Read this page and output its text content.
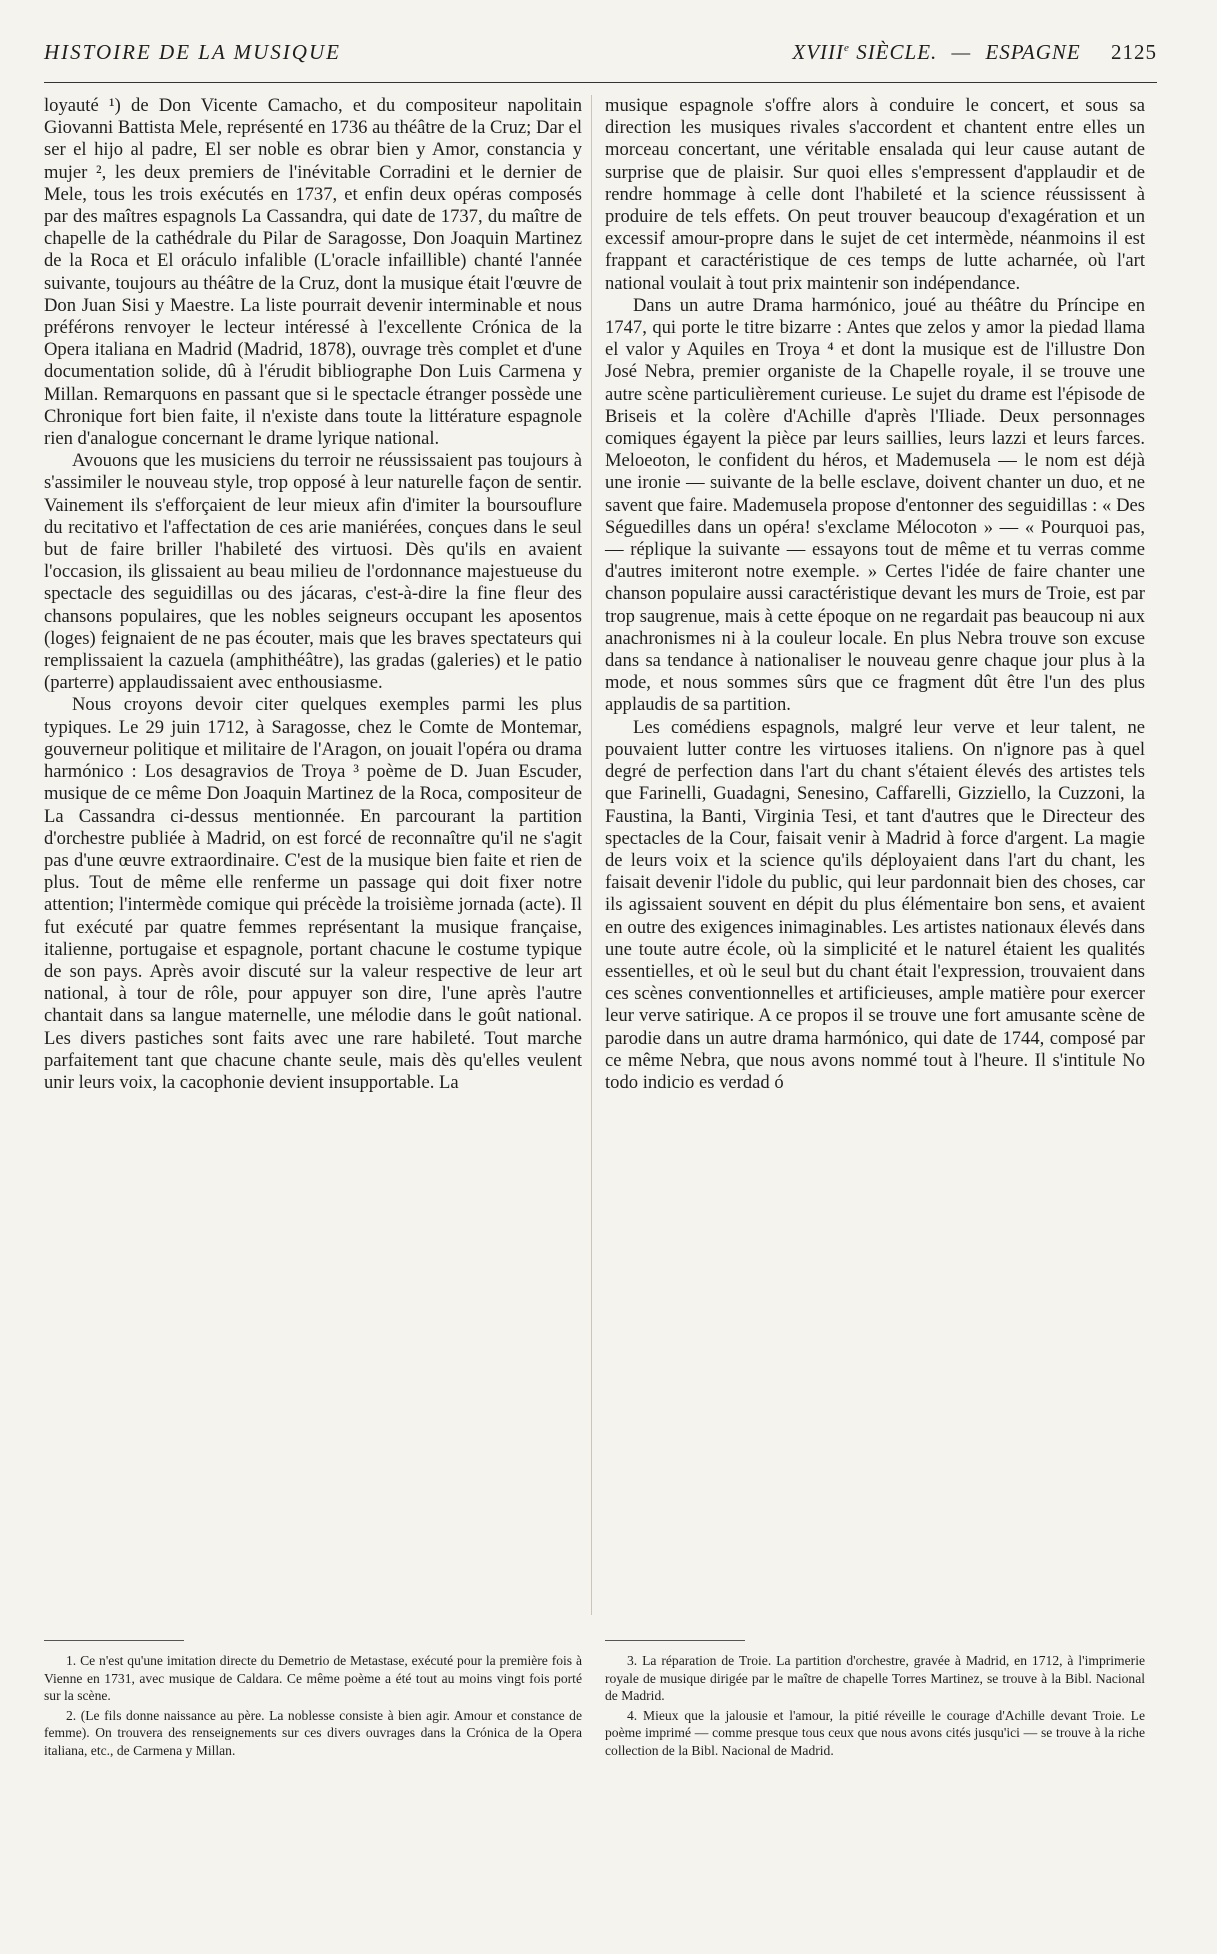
HISTOIRE DE LA MUSIQUE	XVIIIe SIÈCLE. — ESPAGNE 2125

loyauté ¹) de Don Vicente Camacho, et du compositeur napolitain Giovanni Battista Mele, représenté en 1736 au théâtre de la Cruz; Dar el ser el hijo al padre, El ser noble es obrar bien y Amor, constancia y mujer ², les deux premiers de l'inévitable Corradini et le dernier de Mele, tous les trois exécutés en 1737, et enfin deux opéras composés par des maîtres espagnols La Cassandra, qui date de 1737, du maître de chapelle de la cathédrale du Pilar de Saragosse, Don Joaquin Martinez de la Roca et El oráculo infalible (L'oracle infaillible) chanté l'année suivante, toujours au théâtre de la Cruz, dont la musique était l'œuvre de Don Juan Sisi y Maestre. La liste pourrait devenir interminable et nous préférons renvoyer le lecteur intéressé à l'excellente Crónica de la Opera italiana en Madrid (Madrid, 1878), ouvrage très complet et d'une documentation solide, dû à l'érudit bibliographe Don Luis Carmena y Millan. Remarquons en passant que si le spectacle étranger possède une Chronique fort bien faite, il n'existe dans toute la littérature espagnole rien d'analogue concernant le drame lyrique national.

Avouons que les musiciens du terroir ne réussissaient pas toujours à s'assimiler le nouveau style, trop opposé à leur naturelle façon de sentir. Vainement ils s'efforçaient de leur mieux afin d'imiter la boursouflure du recitativo et l'affectation de ces arie maniérées, conçues dans le seul but de faire briller l'habileté des virtuosi. Dès qu'ils en avaient l'occasion, ils glissaient au beau milieu de l'ordonnance majestueuse du spectacle des seguidillas ou des jácaras, c'est-à-dire la fine fleur des chansons populaires, que les nobles seigneurs occupant les aposentos (loges) feignaient de ne pas écouter, mais que les braves spectateurs qui remplissaient la cazuela (amphithéâtre), las gradas (galeries) et le patio (parterre) applaudissaient avec enthousiasme.

Nous croyons devoir citer quelques exemples parmi les plus typiques. Le 29 juin 1712, à Saragosse, chez le Comte de Montemar, gouverneur politique et militaire de l'Aragon, on jouait l'opéra ou drama harmónico : Los desagravios de Troya ³ poème de D. Juan Escuder, musique de ce même Don Joaquin Martinez de la Roca, compositeur de La Cassandra ci-dessus mentionnée. En parcourant la partition d'orchestre publiée à Madrid, on est forcé de reconnaître qu'il ne s'agit pas d'une œuvre extraordinaire. C'est de la musique bien faite et rien de plus. Tout de même elle renferme un passage qui doit fixer notre attention; l'intermède comique qui précède la troisième jornada (acte). Il fut exécuté par quatre femmes représentant la musique française, italienne, portugaise et espagnole, portant chacune le costume typique de son pays. Après avoir discuté sur la valeur respective de leur art national, à tour de rôle, pour appuyer son dire, l'une après l'autre chantait dans sa langue maternelle, une mélodie dans le goût national. Les divers pastiches sont faits avec une rare habileté. Tout marche parfaitement tant que chacune chante seule, mais dès qu'elles veulent unir leurs voix, la cacophonie devient insupportable. La

musique espagnole s'offre alors à conduire le concert, et sous sa direction les musiques rivales s'accordent et chantent entre elles un morceau concertant, une véritable ensalada qui leur cause autant de surprise que de plaisir. Sur quoi elles s'empressent d'applaudir et de rendre hommage à celle dont l'habileté et la science réussissent à produire de tels effets. On peut trouver beaucoup d'exagération et un excessif amour-propre dans le sujet de cet intermède, néanmoins il est frappant et caractéristique de ces temps de lutte acharnée, où l'art national voulait à tout prix maintenir son indépendance.

Dans un autre Drama harmónico, joué au théâtre du Príncipe en 1747, qui porte le titre bizarre : Antes que zelos y amor la piedad llama el valor y Aquiles en Troya ⁴ et dont la musique est de l'illustre Don José Nebra, premier organiste de la Chapelle royale, il se trouve une autre scène particulièrement curieuse. Le sujet du drame est l'épisode de Briseis et la colère d'Achille d'après l'Iliade. Deux personnages comiques égayent la pièce par leurs saillies, leurs lazzi et leurs farces. Meloeoton, le confident du héros, et Mademusela — le nom est déjà une ironie — suivante de la belle esclave, doivent chanter un duo, et ne savent que faire. Mademusela propose d'entonner des seguidillas : « Des Séguedilles dans un opéra! s'exclame Mélocoton » — « Pourquoi pas, — réplique la suivante — essayons tout de même et tu verras comme d'autres imiteront notre exemple. » Certes l'idée de faire chanter une chanson populaire aussi caractéristique devant les murs de Troie, est par trop saugrenue, mais à cette époque on ne regardait pas beaucoup ni aux anachronismes ni à la couleur locale. En plus Nebra trouve son excuse dans sa tendance à nationaliser le nouveau genre chaque jour plus à la mode, et nous sommes sûrs que ce fragment dût être l'un des plus applaudis de sa partition.

Les comédiens espagnols, malgré leur verve et leur talent, ne pouvaient lutter contre les virtuoses italiens. On n'ignore pas à quel degré de perfection dans l'art du chant s'étaient élevés des artistes tels que Farinelli, Guadagni, Senesino, Caffarelli, Gizziello, la Cuzzoni, la Faustina, la Banti, Virginia Tesi, et tant d'autres que le Directeur des spectacles de la Cour, faisait venir à Madrid à force d'argent. La magie de leurs voix et la science qu'ils déployaient dans l'art du chant, les faisait devenir l'idole du public, qui leur pardonnait bien des choses, car ils agissaient souvent en dépit du plus élémentaire bon sens, et avaient en outre des exigences inimaginables. Les artistes nationaux élevés dans une toute autre école, où la simplicité et le naturel étaient les qualités essentielles, et où le seul but du chant était l'expression, trouvaient dans ces scènes conventionnelles et artificieuses, ample matière pour exercer leur verve satirique. A ce propos il se trouve une fort amusante scène de parodie dans un autre drama harmónico, qui date de 1744, composé par ce même Nebra, que nous avons nommé tout à l'heure. Il s'intitule No todo indicio es verdad ó

1. Ce n'est qu'une imitation directe du Demetrio de Metastase, exécuté pour la première fois à Vienne en 1731, avec musique de Caldara. Ce même poème a été tout au moins vingt fois porté sur la scène.

2. (Le fils donne naissance au père. La noblesse consiste à bien agir. Amour et constance de femme). On trouvera des renseignements sur ces divers ouvrages dans la Crónica de la Opera italiana, etc., de Carmena y Millan.

3. La réparation de Troie. La partition d'orchestre, gravée à Madrid, en 1712, à l'imprimerie royale de musique dirigée par le maître de chapelle Torres Martinez, se trouve à la Bibl. Nacional de Madrid.

4. Mieux que la jalousie et l'amour, la pitié réveille le courage d'Achille devant Troie. Le poème imprimé — comme presque tous ceux que nous avons cités jusqu'ici — se trouve à la riche collection de la Bibl. Nacional de Madrid.
